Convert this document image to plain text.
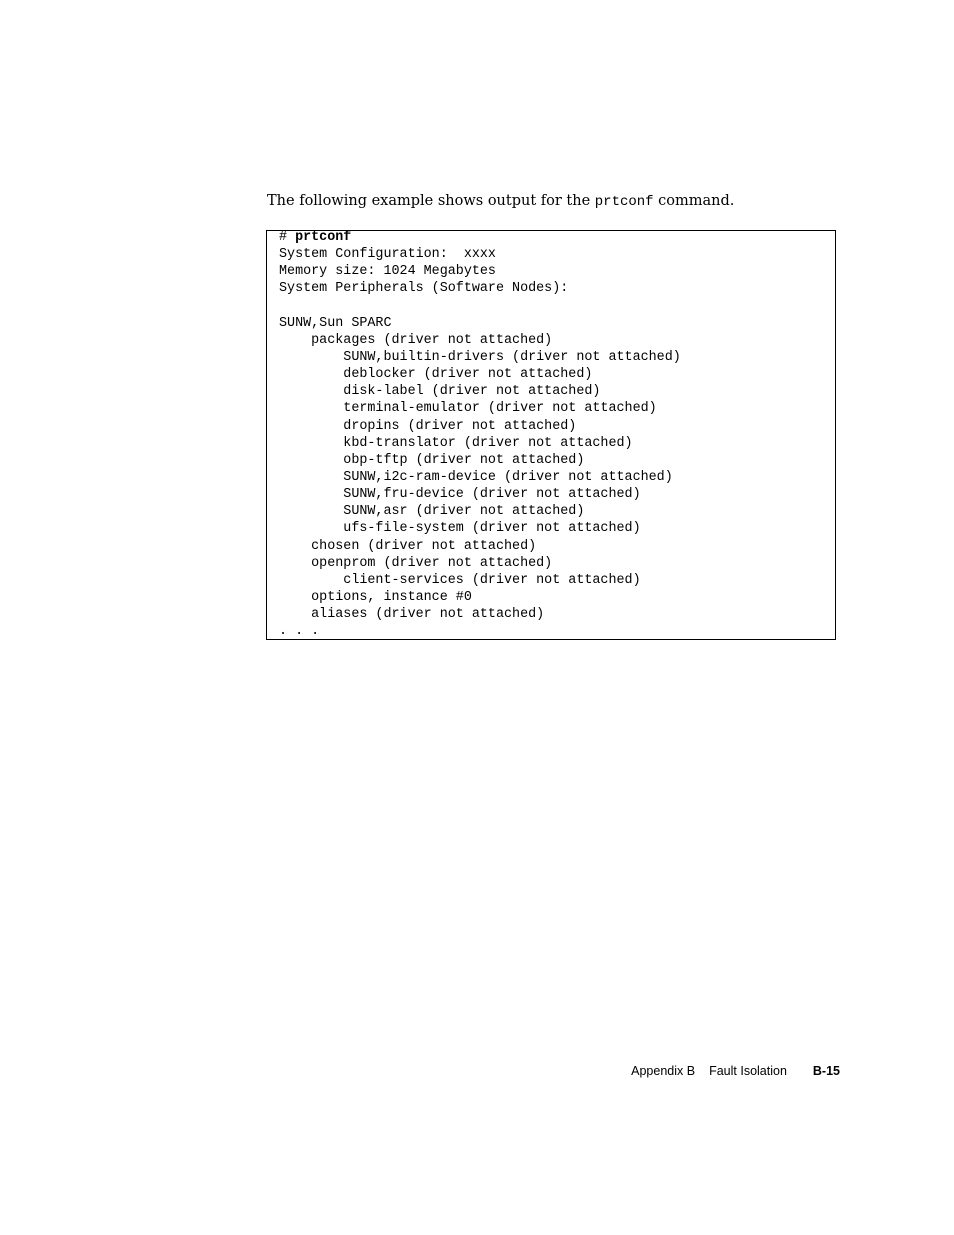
The following example shows output for the prtconf command.

# prtconf
System Configuration:  xxxx
Memory size: 1024 Megabytes
System Peripherals (Software Nodes):
SUNW,Sun SPARC
packages (driver not attached)
SUNW,builtin-drivers (driver not attached)
deblocker (driver not attached)
disk-label (driver not attached)
terminal-emulator (driver not attached)
dropins (driver not attached)
kbd-translator (driver not attached)
obp-tftp (driver not attached)
SUNW,i2c-ram-device (driver not attached)
SUNW,fru-device (driver not attached)
SUNW,asr (driver not attached)
ufs-file-system (driver not attached)
chosen (driver not attached)
openprom (driver not attached)
client-services (driver not attached)
options, instance #0
aliases (driver not attached)
. . .
Appendix B Fault Isolation B-15
